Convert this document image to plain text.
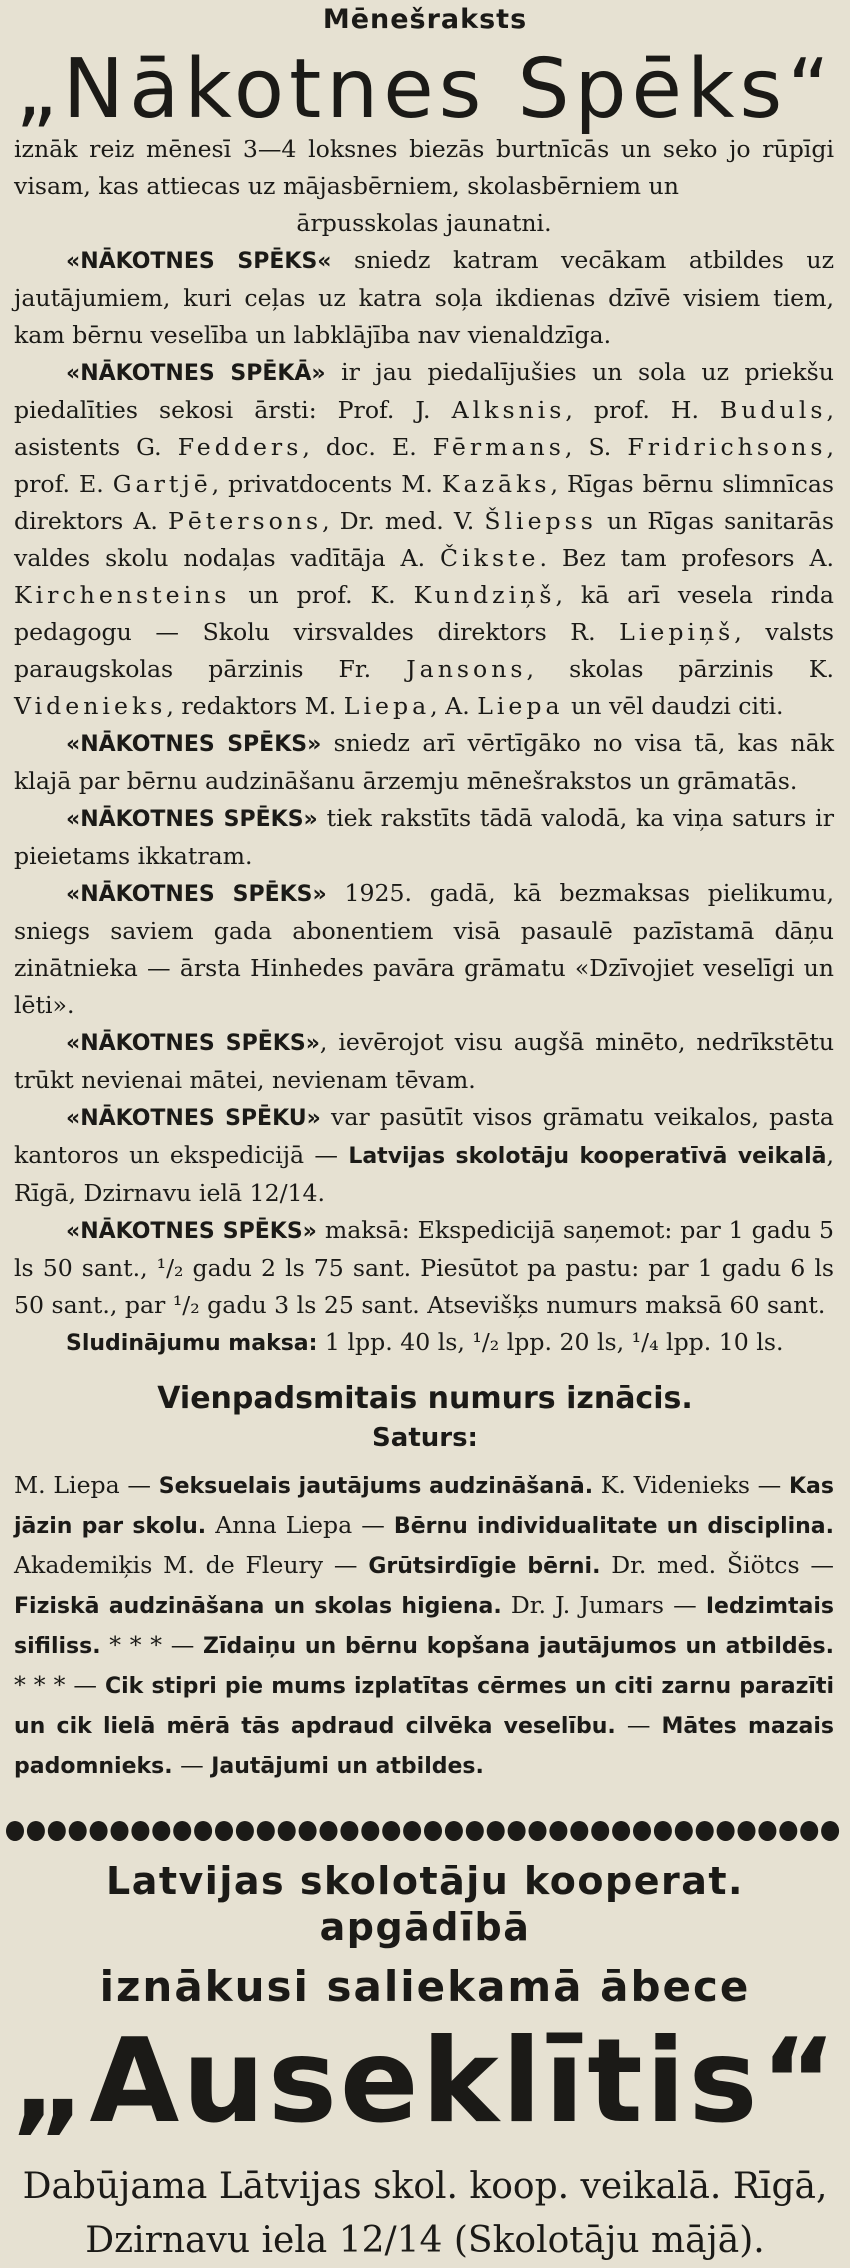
Mēnešraksts
„Nākotnes Spēks“

iznāk reiz mēnesī 3—4 loksnes biezās burtnīcās un seko jo rūpīgi visam, kas attiecas uz mājasbērniem, skolasbērniem un

ārpusskolas jaunatni.

«NĀKOTNES SPĒKS« sniedz katram vecākam atbildes uz jautājumiem, kuri ceļas uz katra soļa ikdienas dzīvē visiem tiem, kam bērnu veselība un labklājība nav vienaldzīga.

«NĀKOTNES SPĒKĀ» ir jau piedalījušies un sola uz priekšu piedalīties sekosi ārsti: Prof. J. Alksnis, prof. H. Buduls, asistents G. Fedders, doc. E. Fērmans, S. Fridrichsons, prof. E. Gartjē, privatdocents M. Kazāks, Rīgas bērnu slimnīcas direktors A. Pētersons, Dr. med. V. Šliepss un Rīgas sanitarās valdes skolu nodaļas vadītāja A. Čikste. Bez tam profesors A. Kirchensteins un prof. K. Kundziņš, kā arī vesela rinda pedagogu — Skolu virsvaldes direktors R. Liepiņš, valsts paraugskolas pārzinis Fr. Jansons, skolas pārzinis K. Videnieks, redaktors M. Liepa, A. Liepa un vēl daudzi citi.

«NĀKOTNES SPĒKS» sniedz arī vērtīgāko no visa tā, kas nāk klajā par bērnu audzināšanu ārzemju mēnešrakstos un grāmatās.

«NĀKOTNES SPĒKS» tiek rakstīts tādā valodā, ka viņa saturs ir pieietams ikkatram.

«NĀKOTNES SPĒKS» 1925. gadā, kā bezmaksas pielikumu, sniegs saviem gada abonentiem visā pasaulē pazīstamā dāņu zinātnieka — ārsta Hinhedes pavāra grāmatu «Dzīvojiet veselīgi un lēti».

«NĀKOTNES SPĒKS», ievērojot visu augšā minēto, nedrīkstētu trūkt nevienai mātei, nevienam tēvam.

«NĀKOTNES SPĒKU» var pasūtīt visos grāmatu veikalos, pasta kantoros un ekspedicijā — Latvijas skolotāju kooperatīvā veikalā, Rīgā, Dzirnavu ielā 12/14.

«NĀKOTNES SPĒKS» maksā: Ekspedicijā saņemot: par 1 gadu 5 ls 50 sant., ¹/₂ gadu 2 ls 75 sant. Piesūtot pa pastu: par 1 gadu 6 ls 50 sant., par ¹/₂ gadu 3 ls 25 sant. Atsevišķs numurs maksā 60 sant.

Sludinājumu maksa: 1 lpp. 40 ls, ¹/₂ lpp. 20 ls, ¹/₄ lpp. 10 ls.

Vienpadsmitais numurs iznācis.
Saturs:

M. Liepa — Seksuelais jautājums audzināšanā. K. Videnieks — Kas jāzin par skolu. Anna Liepa — Bērnu individualitate un disciplina. Akademiķis M. de Fleury — Grūtsirdīgie bērni. Dr. med. Šiötcs — Fiziskā audzināšana un skolas higiena. Dr. J. Jumars — Iedzimtais sifiliss. * * * — Zīdaiņu un bērnu kopšana jautājumos un atbildēs. * * * — Cik stipri pie mums izplatītas cērmes un citi zarnu parazīti un cik lielā mērā tās apdraud cilvēka veselību. — Mātes mazais padomnieks. — Jautājumi un atbildes.

Latvijas skolotāju kooperat. apgādībā
iznākusi saliekamā ābece
„Auseklītis“
Dabūjama Lātvijas skol. koop. veikalā. Rīgā,
Dzirnavu iela 12/14 (Skolotāju mājā).
